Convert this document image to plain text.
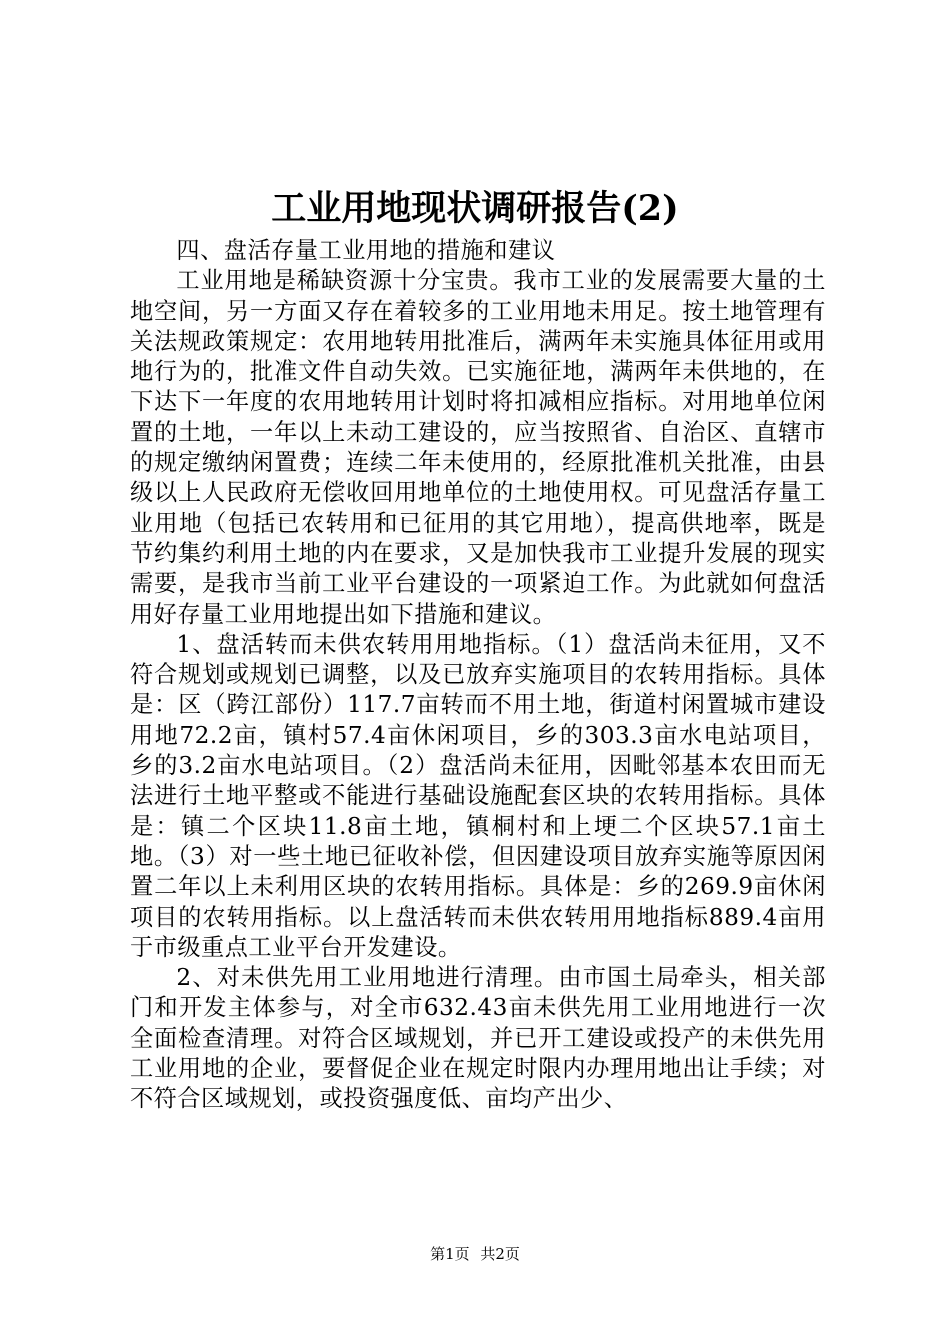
工业用地现状调研报告(2)

四、盘活存量工业用地的措施和建议

工业用地是稀缺资源十分宝贵。我市工业的发展需要大量的土地空间，另一方面又存在着较多的工业用地未用足。按土地管理有关法规政策规定：农用地转用批准后，满两年未实施具体征用或用地行为的，批准文件自动失效。已实施征地，满两年未供地的，在下达下一年度的农用地转用计划时将扣减相应指标。对用地单位闲置的土地，一年以上未动工建设的，应当按照省、自治区、直辖市的规定缴纳闲置费；连续二年未使用的，经原批准机关批准，由县级以上人民政府无偿收回用地单位的土地使用权。可见盘活存量工业用地（包括已农转用和已征用的其它用地），提高供地率，既是节约集约利用土地的内在要求，又是加快我市工业提升发展的现实需要，是我市当前工业平台建设的一项紧迫工作。为此就如何盘活用好存量工业用地提出如下措施和建议。

1、盘活转而未供农转用用地指标。（1）盘活尚未征用，又不符合规划或规划已调整，以及已放弃实施项目的农转用指标。具体是：区（跨江部份）117.7亩转而不用土地，街道村闲置城市建设用地72.2亩，镇村57.4亩休闲项目，乡的303.3亩水电站项目，乡的3.2亩水电站项目。（2）盘活尚未征用，因毗邻基本农田而无法进行土地平整或不能进行基础设施配套区块的农转用指标。具体是：镇二个区块11.8亩土地，镇桐村和上埂二个区块57.1亩土地。（3）对一些土地已征收补偿，但因建设项目放弃实施等原因闲置二年以上未利用区块的农转用指标。具体是：乡的269.9亩休闲项目的农转用指标。以上盘活转而未供农转用用地指标889.4亩用于市级重点工业平台开发建设。

2、对未供先用工业用地进行清理。由市国土局牵头，相关部门和开发主体参与，对全市632.43亩未供先用工业用地进行一次全面检查清理。对符合区域规划，并已开工建设或投产的未供先用工业用地的企业，要督促企业在规定时限内办理用地出让手续；对不符合区域规划，或投资强度低、亩均产出少、

第1页 共2页
